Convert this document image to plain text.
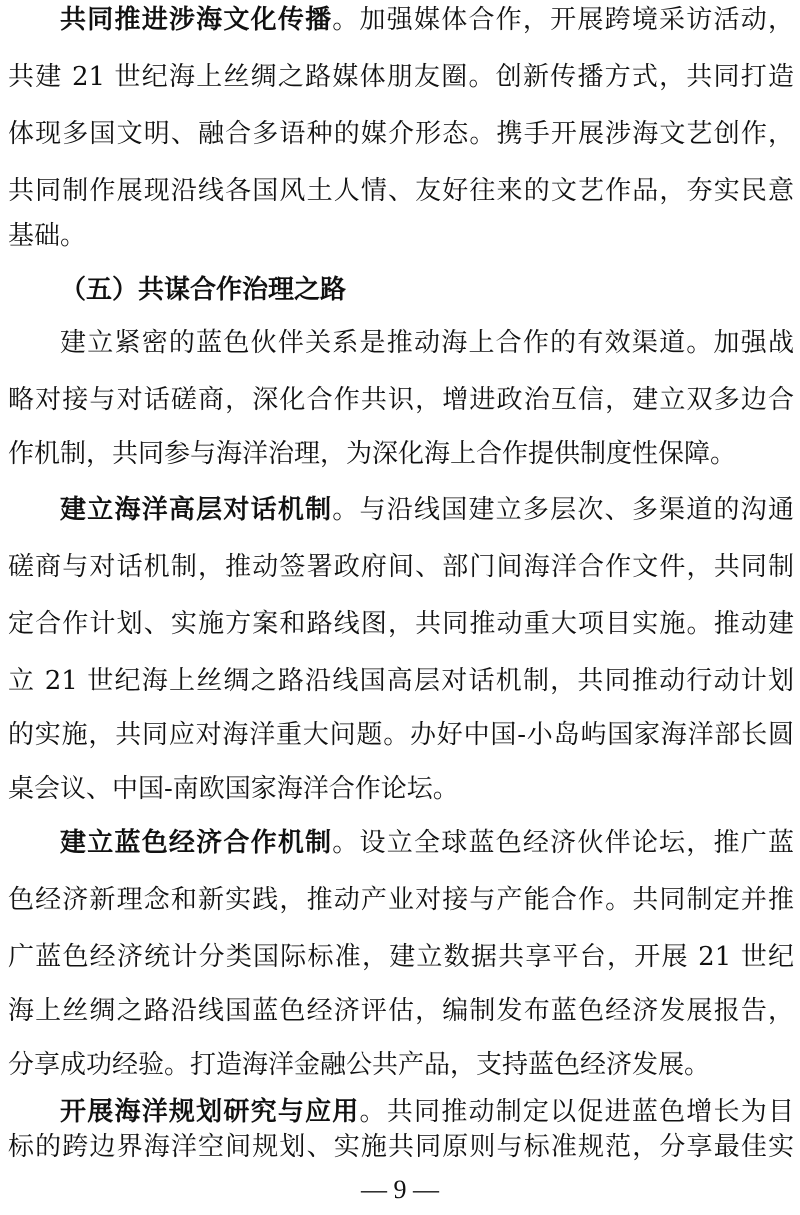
共同推进涉海文化传播。加强媒体合作，开展跨境采访活动，
共建 21 世纪海上丝绸之路媒体朋友圈。创新传播方式，共同打造
体现多国文明、融合多语种的媒介形态。携手开展涉海文艺创作，
共同制作展现沿线各国风土人情、友好往来的文艺作品，夯实民意
基础。
（五）共谋合作治理之路
建立紧密的蓝色伙伴关系是推动海上合作的有效渠道。加强战
略对接与对话磋商，深化合作共识，增进政治互信，建立双多边合
作机制，共同参与海洋治理，为深化海上合作提供制度性保障。
建立海洋高层对话机制。与沿线国建立多层次、多渠道的沟通
磋商与对话机制，推动签署政府间、部门间海洋合作文件，共同制
定合作计划、实施方案和路线图，共同推动重大项目实施。推动建
立 21 世纪海上丝绸之路沿线国高层对话机制，共同推动行动计划
的实施，共同应对海洋重大问题。办好中国-小岛屿国家海洋部长圆
桌会议、中国-南欧国家海洋合作论坛。
建立蓝色经济合作机制。设立全球蓝色经济伙伴论坛，推广蓝
色经济新理念和新实践，推动产业对接与产能合作。共同制定并推
广蓝色经济统计分类国际标准，建立数据共享平台，开展 21 世纪
海上丝绸之路沿线国蓝色经济评估，编制发布蓝色经济发展报告，
分享成功经验。打造海洋金融公共产品，支持蓝色经济发展。
开展海洋规划研究与应用。共同推动制定以促进蓝色增长为目
标的跨边界海洋空间规划、实施共同原则与标准规范，分享最佳实
— 9 —
